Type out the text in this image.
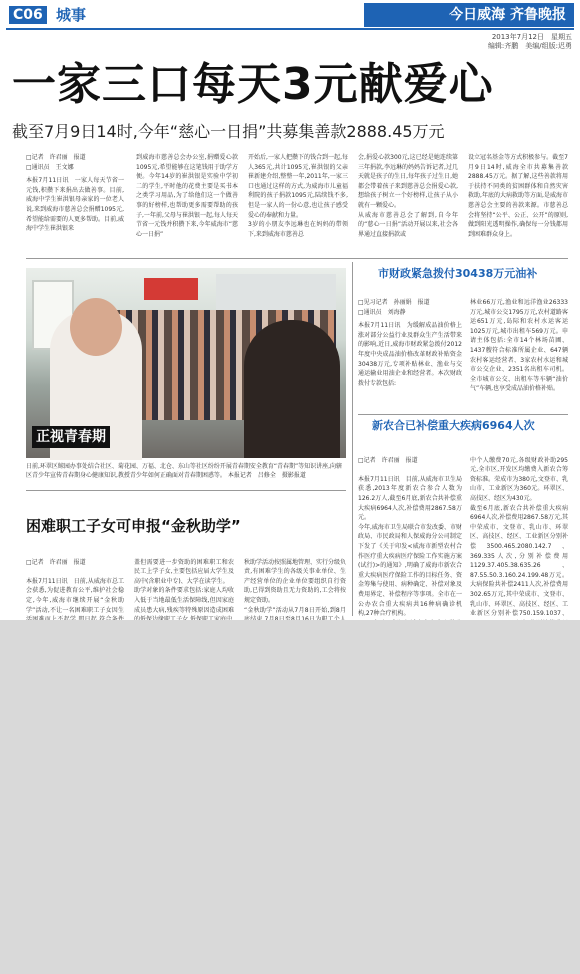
C06 城事	今日威海 齐鲁晚报
2013年7月12日　星期五
编辑:齐鹏　美编/组版:迟勇
一家三口每天3元献爱心
截至7月9日14时,今年“慈心一日捐”共募集善款2888.45万元
□记者　许君丽　报道
□通讯员　王文娜
本报7月11日讯　一家人每天节省一元钱,积攒下来捐出去做善事。目前,威海中学生崔洪银母亲家的一位老人说,来到威海市慈善总会捐赠1095元,希望能给需要的人更多帮助。目前,威海中学生崔洪银来
到威海市慈善总会办公室,捐赠爱心款1095元,希望能够在这笔钱用于助学方便。今年14岁的崔洪银是实验中学初二的学生,平时他的花费主要是买书本之类学习用品,为了给他们这一个做善事的好榜样,也帮助更多需要帮助的孩子,一年前,父母与崔洪银一起,每人每天节省一元钱并积攒下来,今年威海市“慈心一日捐”
开始后,一家人把攒下的钱合到一起,每人365元,共计1095元,崔洪银的父亲崔新建介绍,整整一年,2011年,一家三口也通过这样的方式,为威海市儿童福利院的孩子捐款1095元,陆续钱不多,但是一家人的一份心意,也让孩子感受爱心的奉献和力量。
3岁的小朋友李远琳也在妈妈的带领下,来到威海市慈善总
会,捐爱心款300元,这已经是她连续第三年捐款,李远琳的妈妈告诉记者,过几天就是孩子的生日,每年孩子过生日,她都会带着孩子来到慈善总会捐爱心款,想给孩子树立一个好榜样,让孩子从小就有一颗爱心。
从威海市慈善总会了解到,自今年的“慈心一日捐”活动开展以来,社会各界通过直接捐款或
设立冠名基金等方式积极参与。截至7月9日14时,威海全市共募集善款2888.45万元。据了解,这些善款将用于扶持不同类的贫困群体和自然灾害救助,年底的大病救助等方面,是威海市慈善总会主要的善款来源。市慈善总会将坚持“公平、公正、公开”的原则,做到阳光透明操作,确保每一分钱都用到困难群众身上。
正视青春期
日前,环翠区鲸园办事处结合社区、菊花园、万福、北仓、东山等社区纷纷开展青春期安全教育“青春期”等知识讲座,向辖区青少年宣传青春期身心健康知识,教授青少年如何正确面对青春期困惑等。 本报记者　吕修全　摄影报道
市财政紧急拨付30438万元油补
□见习记者　孙丽娟　报道
□通讯员　刘海静
本报7月11日讯　为缓解成品油价格上涨对部分公益行业及群众生产生活带来的影响,近日,威海市财政紧急拨付2012年度中央成品油价格改革财政补贴资金30438万元,专项补贴林业、渔业与交通运输业用油企业和经营者。本次财政拨付专款包括:
林业66万元,渔业和远洋渔业26333万元,城市公交1795万元,农村道路客运651万元,岛际和农村水运客运1025万元,城市出租车569万元。申请主体包括:全市14个林场苗圃、1437艘符合标准所属企业、647辆农村客运经营者、3家农村水运和城市公交企业、2351名出租车司机。全市城市公交、出租车等车辆“油价气”车辆,也享受成品油价格补贴。
新农合已补偿重大疾病6964人次

□记者　许君丽　报道

本报7月11日讯　目前,从威海市卫生局获悉,2013年度新农合参合人数为126.2万人,截至6月底,新农合共补偿重大疾病6964人次,补偿费用2867.58万元。
今年,威海市卫生局联合市发改委、市财政局、市民政局和人保威海分公司制定下发了《关于印发<威海市新型农村合作医疗重大疾病医疗保险工作实施方案(试行)>的通知》,明确了威海市新农合重大疾病医疗保险工作的目标任务、资金筹集与使用、病种确定、补偿对象及费用界定、补偿程序等事项。全市在一公办农合重大疾病共16种病确诊机构,27种合疗机构。

中个人缴费70元,各级财政补助295元,全市区,开发区均缴费入新农合筹资标准。荣成市为380元,文登市、乳山市、工业新区为360元。环翠区、高技区、经区为430元。
截至6月底,新农合共补偿重大疾病6964人次,补偿费用2867.58万元,其中荣成市、文登市、乳山市、环翠区、高技区、经区、工业新区分别补偿3500.465.2080.142.7、369.335人次,分别补偿费用1129.37.405.38.635.26、87.55.50.3.160.24.199.48万元。大病保险共补偿2411人次,补偿费用302.65万元,其中荣成市、文登市、乳山市、环翠区、高技区、经区、工业新区分别补偿750.159.1037、

困难职工子女可申报“金秋助学”

□记者　许君丽　报道

本报7月11日讯　日前,从威海市总工会获悉,为促进教育公平,维护社会稳定,今年,威海市继续开展“金秋助学”活动,不让一名困难职工子女因生

盖但需要进一步资助的困难职工和农民工上学子女,主要包括应届大学生及高中(含职业中专)、大学在读学生。
助学对象的条件要求包括:家庭人均收入低于当地最低生活保障线,但因家庭成员患大病,残疾等特殊原因造成困难

秋助学活动按照属地管理、实行分级负责,有困难学生的各级关事业单位、生产经营单位的企业单位要组织自行资助,已得到资助且无力资助的,工会将按规定资助。
“金秋助学”活动从7月8日开始,到8月
